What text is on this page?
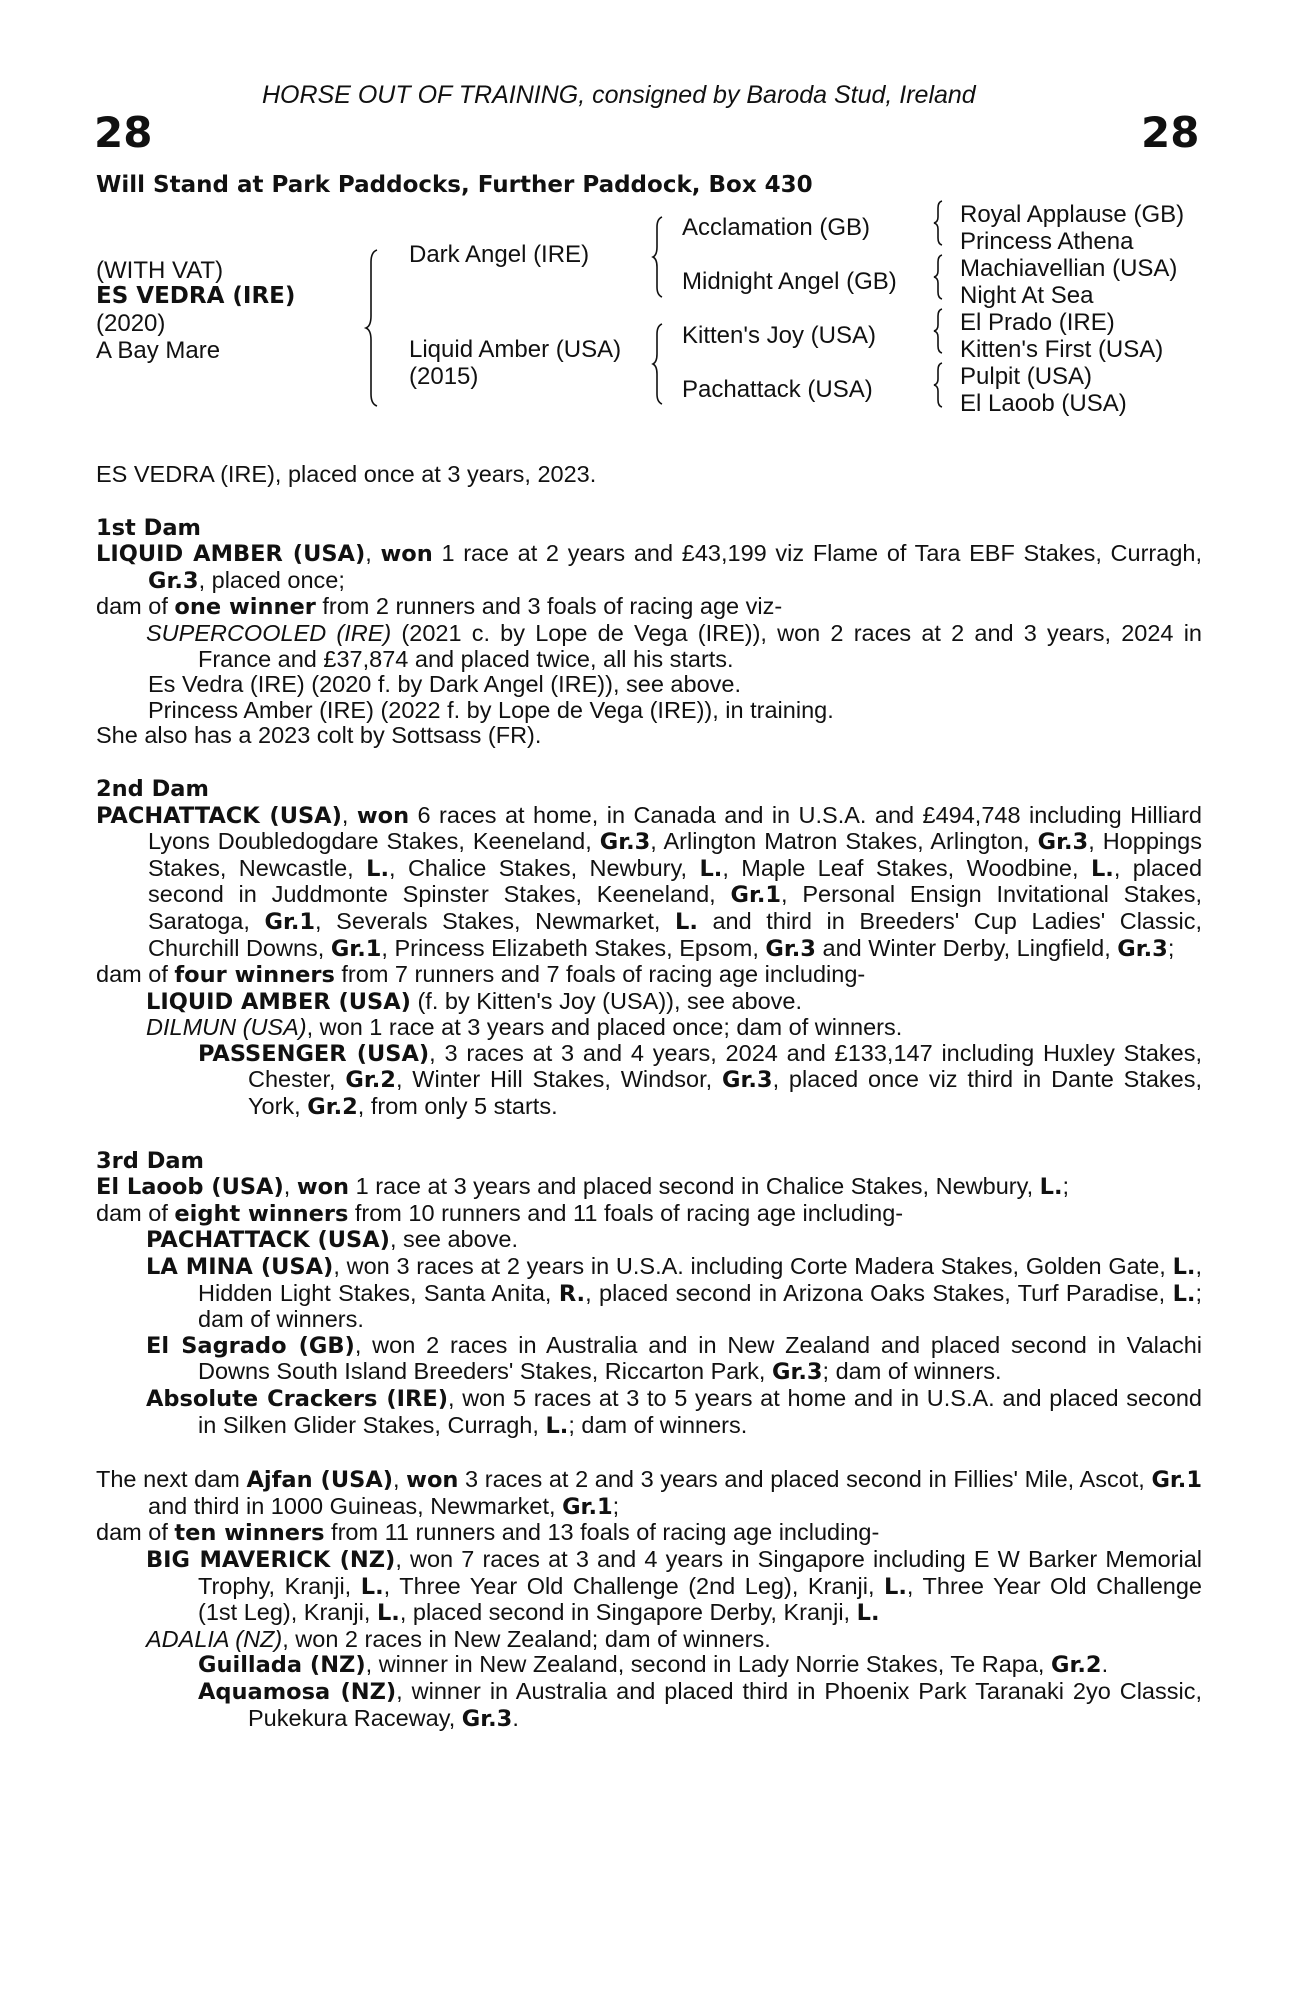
HORSE OUT OF TRAINING, consigned by Baroda Stud, Ireland
28	28
Will Stand at Park Paddocks, Further Paddock, Box 430
(WITH VAT)
ES VEDRA (IRE)
(2020)
A Bay Mare
Dark Angel (IRE)
Liquid Amber (USA)
(2015)
Acclamation (GB)
Midnight Angel (GB)
Kitten's Joy (USA)
Pachattack (USA)
Royal Applause (GB)
Princess Athena
Machiavellian (USA)
Night At Sea
El Prado (IRE)
Kitten's First (USA)
Pulpit (USA)
El Laoob (USA)

ES VEDRA (IRE), placed once at 3 years, 2023.

1st Dam

LIQUID AMBER (USA), won 1 race at 2 years and £43,199 viz Flame of Tara EBF Stakes, Curragh, Gr.3, placed once;

dam of one winner from 2 runners and 3 foals of racing age viz-

SUPERCOOLED (IRE) (2021 c. by Lope de Vega (IRE)), won 2 races at 2 and 3 years, 2024 in France and £37,874 and placed twice, all his starts.

Es Vedra (IRE) (2020 f. by Dark Angel (IRE)), see above.

Princess Amber (IRE) (2022 f. by Lope de Vega (IRE)), in training.

She also has a 2023 colt by Sottsass (FR).

2nd Dam

PACHATTACK (USA), won 6 races at home, in Canada and in U.S.A. and £494,748 including Hilliard Lyons Doubledogdare Stakes, Keeneland, Gr.3, Arlington Matron Stakes, Arlington, Gr.3, Hoppings Stakes, Newcastle, L., Chalice Stakes, Newbury, L., Maple Leaf Stakes, Woodbine, L., placed second in Juddmonte Spinster Stakes, Keeneland, Gr.1, Personal Ensign Invitational Stakes, Saratoga, Gr.1, Severals Stakes, Newmarket, L. and third in Breeders' Cup Ladies' Classic, Churchill Downs, Gr.1, Princess Elizabeth Stakes, Epsom, Gr.3 and Winter Derby, Lingfield, Gr.3;

dam of four winners from 7 runners and 7 foals of racing age including-

LIQUID AMBER (USA) (f. by Kitten's Joy (USA)), see above.

DILMUN (USA), won 1 race at 3 years and placed once; dam of winners.

PASSENGER (USA), 3 races at 3 and 4 years, 2024 and £133,147 including Huxley Stakes, Chester, Gr.2, Winter Hill Stakes, Windsor, Gr.3, placed once viz third in Dante Stakes, York, Gr.2, from only 5 starts.

3rd Dam

El Laoob (USA), won 1 race at 3 years and placed second in Chalice Stakes, Newbury, L.;

dam of eight winners from 10 runners and 11 foals of racing age including-

PACHATTACK (USA), see above.

LA MINA (USA), won 3 races at 2 years in U.S.A. including Corte Madera Stakes, Golden Gate, L., Hidden Light Stakes, Santa Anita, R., placed second in Arizona Oaks Stakes, Turf Paradise, L.; dam of winners.

El Sagrado (GB), won 2 races in Australia and in New Zealand and placed second in Valachi Downs South Island Breeders' Stakes, Riccarton Park, Gr.3; dam of winners.

Absolute Crackers (IRE), won 5 races at 3 to 5 years at home and in U.S.A. and placed second in Silken Glider Stakes, Curragh, L.; dam of winners.

The next dam Ajfan (USA), won 3 races at 2 and 3 years and placed second in Fillies' Mile, Ascot, Gr.1 and third in 1000 Guineas, Newmarket, Gr.1;

dam of ten winners from 11 runners and 13 foals of racing age including-

BIG MAVERICK (NZ), won 7 races at 3 and 4 years in Singapore including E W Barker Memorial Trophy, Kranji, L., Three Year Old Challenge (2nd Leg), Kranji, L., Three Year Old Challenge (1st Leg), Kranji, L., placed second in Singapore Derby, Kranji, L.

ADALIA (NZ), won 2 races in New Zealand; dam of winners.

Guillada (NZ), winner in New Zealand, second in Lady Norrie Stakes, Te Rapa, Gr.2.

Aquamosa (NZ), winner in Australia and placed third in Phoenix Park Taranaki 2yo Classic, Pukekura Raceway, Gr.3.
